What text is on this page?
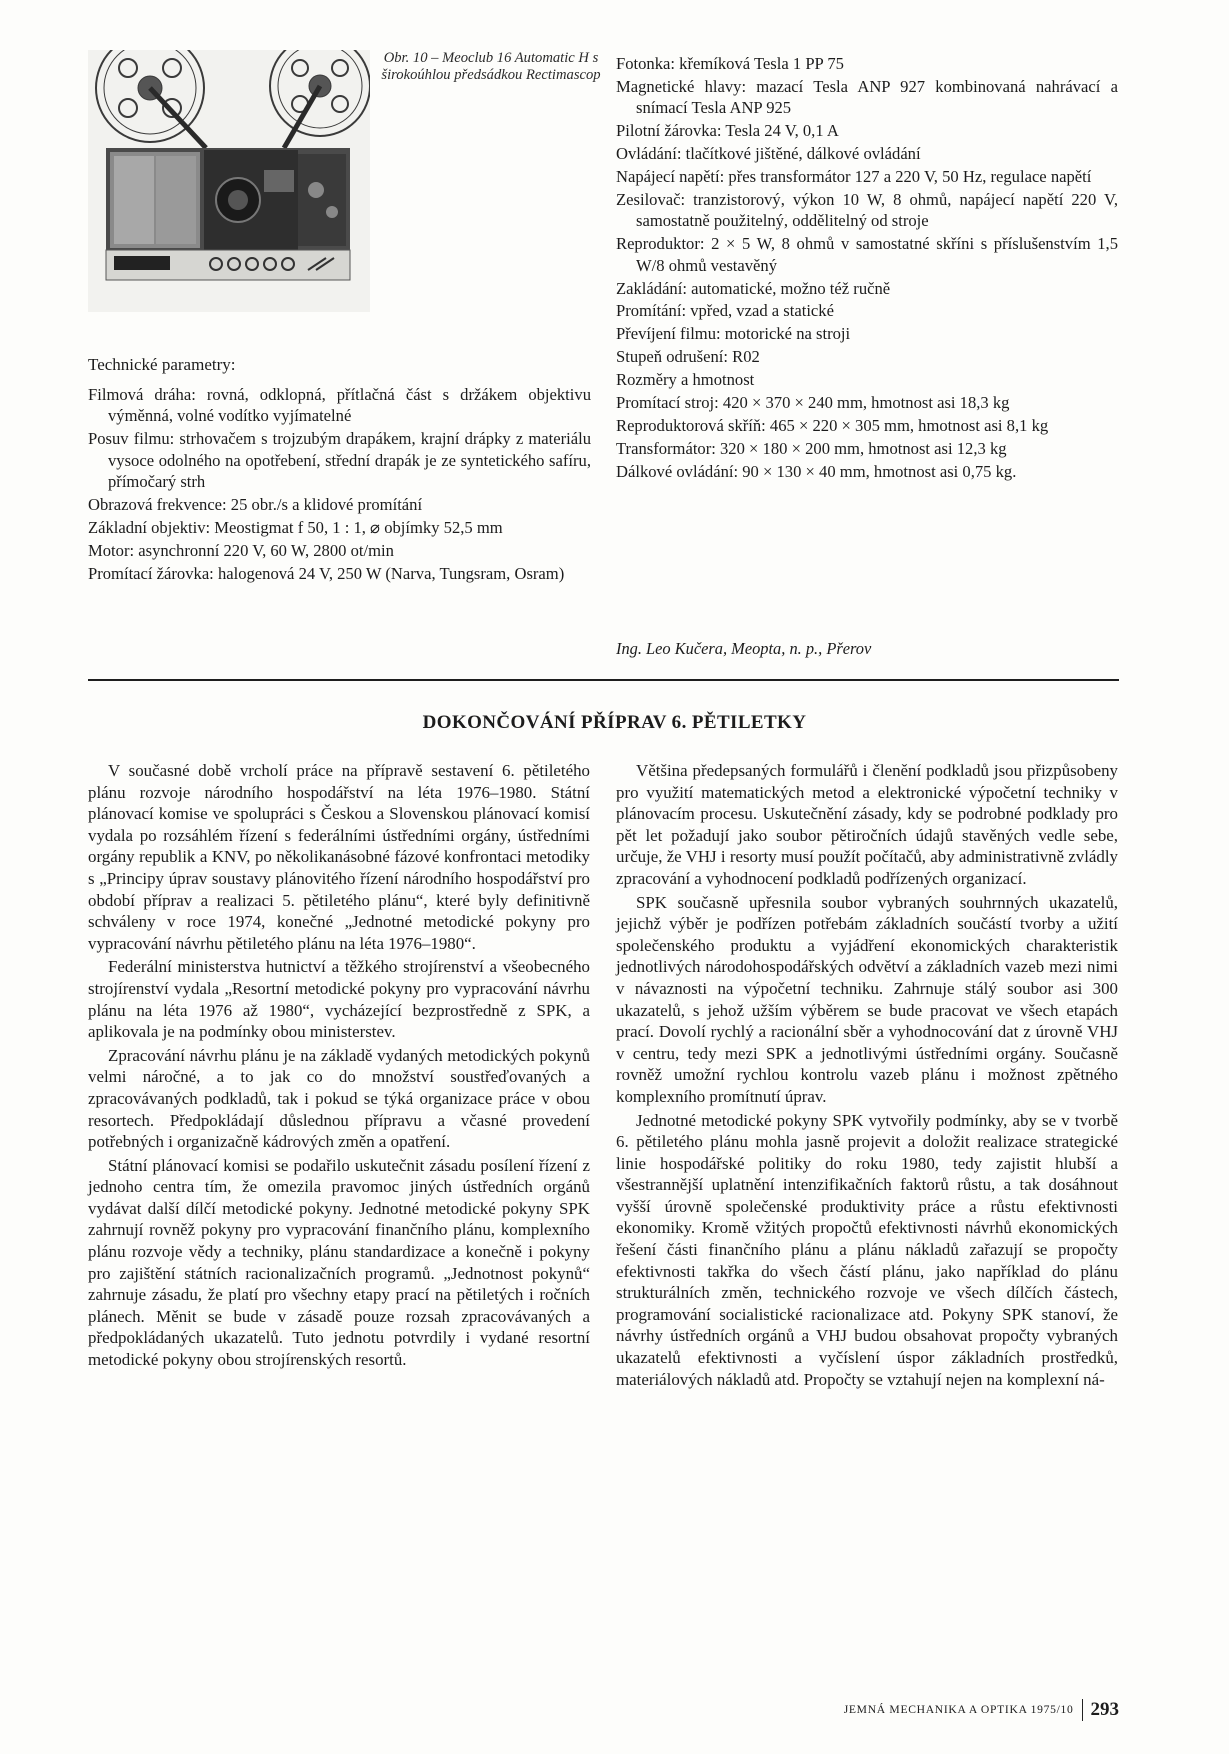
Obr. 10 – Meoclub 16 Automatic H s širokoúhlou předsádkou Rectimascop
Technické parametry:

Filmová dráha: rovná, odklopná, přítlačná část s držákem objektivu výměnná, volné vodítko vyjímatelné

Posuv filmu: strhovačem s trojzubým drapákem, krajní drápky z materiálu vysoce odolného na opotřebení, střední drapák je ze syntetického safíru, přímočarý strh

Obrazová frekvence: 25 obr./s a klidové promítání

Základní objektiv: Meostigmat f 50, 1 : 1, ⌀ objímky 52,5 mm

Motor: asynchronní 220 V, 60 W, 2800 ot/min

Promítací žárovka: halogenová 24 V, 250 W (Narva, Tungsram, Osram)

Fotonka: křemíková Tesla 1 PP 75

Magnetické hlavy: mazací Tesla ANP 927 kombinovaná nahrávací a snímací Tesla ANP 925

Pilotní žárovka: Tesla 24 V, 0,1 A

Ovládání: tlačítkové jištěné, dálkové ovládání

Napájecí napětí: přes transformátor 127 a 220 V, 50 Hz, regulace napětí

Zesilovač: tranzistorový, výkon 10 W, 8 ohmů, napájecí napětí 220 V, samostatně použitelný, oddělitelný od stroje

Reproduktor: 2 × 5 W, 8 ohmů v samostatné skříni s příslušenstvím 1,5 W/8 ohmů vestavěný

Zakládání: automatické, možno též ručně

Promítání: vpřed, vzad a statické

Převíjení filmu: motorické na stroji

Stupeň odrušení: R02

Rozměry a hmotnost

Promítací stroj: 420 × 370 × 240 mm, hmotnost asi 18,3 kg

Reproduktorová skříň: 465 × 220 × 305 mm, hmotnost asi 8,1 kg

Transformátor: 320 × 180 × 200 mm, hmotnost asi 12,3 kg

Dálkové ovládání: 90 × 130 × 40 mm, hmotnost asi 0,75 kg.

Ing. Leo Kučera, Meopta, n. p., Přerov
DOKONČOVÁNÍ PŘÍPRAV 6. PĚTILETKY

V současné době vrcholí práce na přípravě sestavení 6. pětiletého plánu rozvoje národního hospodářství na léta 1976–1980. Státní plánovací komise ve spolupráci s Českou a Slovenskou plánovací komisí vydala po rozsáhlém řízení s federálními ústředními orgány, ústředními orgány republik a KNV, po několikanásobné fázové konfrontaci metodiky s „Principy úprav soustavy plánovitého řízení národního hospodářství pro období příprav a realizaci 5. pětiletého plánu“, které byly definitivně schváleny v roce 1974, konečné „Jednotné metodické pokyny pro vypracování návrhu pětiletého plánu na léta 1976–1980“.

Federální ministerstva hutnictví a těžkého strojírenství a všeobecného strojírenství vydala „Resortní metodické pokyny pro vypracování návrhu plánu na léta 1976 až 1980“, vycházející bezprostředně z SPK, a aplikovala je na podmínky obou ministerstev.

Zpracování návrhu plánu je na základě vydaných metodických pokynů velmi náročné, a to jak co do množství soustřeďovaných a zpracovávaných podkladů, tak i pokud se týká organizace práce v obou resortech. Předpokládají důslednou přípravu a včasné provedení potřebných i organizačně kádrových změn a opatření.

Státní plánovací komisi se podařilo uskutečnit zásadu posílení řízení z jednoho centra tím, že omezila pravomoc jiných ústředních orgánů vydávat další dílčí metodické pokyny. Jednotné metodické pokyny SPK zahrnují rovněž pokyny pro vypracování finančního plánu, komplexního plánu rozvoje vědy a techniky, plánu standardizace a konečně i pokyny pro zajištění státních racionalizačních programů. „Jednotnost pokynů“ zahrnuje zásadu, že platí pro všechny etapy prací na pětiletých i ročních plánech. Měnit se bude v zásadě pouze rozsah zpracovávaných a předpokládaných ukazatelů. Tuto jednotu potvrdily i vydané resortní metodické pokyny obou strojírenských resortů.

Většina předepsaných formulářů i členění podkladů jsou přizpůsobeny pro využití matematických metod a elektronické výpočetní techniky v plánovacím procesu. Uskutečnění zásady, kdy se podrobné podklady pro pět let požadují jako soubor pětiročních údajů stavěných vedle sebe, určuje, že VHJ i resorty musí použít počítačů, aby administrativně zvládly zpracování a vyhodnocení podkladů podřízených organizací.

SPK současně upřesnila soubor vybraných souhrnných ukazatelů, jejichž výběr je podřízen potřebám základních součástí tvorby a užití společenského produktu a vyjádření ekonomických charakteristik jednotlivých národohospodářských odvětví a základních vazeb mezi nimi v návaznosti na výpočetní techniku. Zahrnuje stálý soubor asi 300 ukazatelů, s jehož užším výběrem se bude pracovat ve všech etapách prací. Dovolí rychlý a racionální sběr a vyhodnocování dat z úrovně VHJ v centru, tedy mezi SPK a jednotlivými ústředními orgány. Současně rovněž umožní rychlou kontrolu vazeb plánu i možnost zpětného komplexního promítnutí úprav.

Jednotné metodické pokyny SPK vytvořily podmínky, aby se v tvorbě 6. pětiletého plánu mohla jasně projevit a doložit realizace strategické linie hospodářské politiky do roku 1980, tedy zajistit hlubší a všestrannější uplatnění intenzifikačních faktorů růstu, a tak dosáhnout vyšší úrovně společenské produktivity práce a růstu efektivnosti ekonomiky. Kromě vžitých propočtů efektivnosti návrhů ekonomických řešení části finančního plánu a plánu nákladů zařazují se propočty efektivnosti takřka do všech částí plánu, jako například do plánu strukturálních změn, technického rozvoje ve všech dílčích částech, programování socialistické racionalizace atd. Pokyny SPK stanoví, že návrhy ústředních orgánů a VHJ budou obsahovat propočty vybraných ukazatelů efektivnosti a vyčíslení úspor základních prostředků, materiálových nákladů atd. Propočty se vztahují nejen na komplexní ná-

JEMNÁ MECHANIKA A OPTIKA 1975/10 293
